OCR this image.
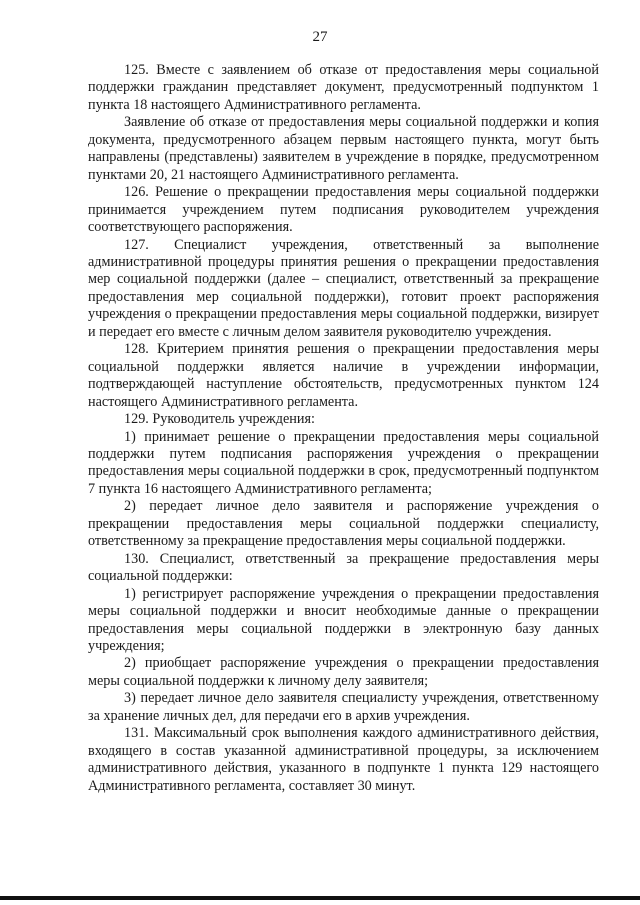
27

125. Вместе с заявлением об отказе от предоставления меры социальной поддержки гражданин представляет документ, предусмотренный подпунктом 1 пункта 18 настоящего Административного регламента.

Заявление об отказе от предоставления меры социальной поддержки и копия документа, предусмотренного абзацем первым настоящего пункта, могут быть направлены (представлены) заявителем в учреждение в порядке, предусмотренном пунктами 20, 21 настоящего Административного регламента.

126. Решение о прекращении предоставления меры социальной поддержки принимается учреждением путем подписания руководителем учреждения соответствующего распоряжения.

127. Специалист учреждения, ответственный за выполнение административной процедуры принятия решения о прекращении предоставления мер социальной поддержки (далее – специалист, ответственный за прекращение предоставления мер социальной поддержки), готовит проект распоряжения учреждения о прекращении предоставления меры социальной поддержки, визирует и передает его вместе с личным делом заявителя руководителю учреждения.

128. Критерием принятия решения о прекращении предоставления меры социальной поддержки является наличие в учреждении информации, подтверждающей наступление обстоятельств, предусмотренных пунктом 124 настоящего Административного регламента.

129. Руководитель учреждения:

1) принимает решение о прекращении предоставления меры социальной поддержки путем подписания распоряжения учреждения о прекращении предоставления меры социальной поддержки в срок, предусмотренный подпунктом 7 пункта 16 настоящего Административного регламента;

2) передает личное дело заявителя и распоряжение учреждения о прекращении предоставления меры социальной поддержки специалисту, ответственному за прекращение предоставления меры социальной поддержки.

130. Специалист, ответственный за прекращение предоставления меры социальной поддержки:

1) регистрирует распоряжение учреждения о прекращении предоставления меры социальной поддержки и вносит необходимые данные о прекращении предоставления меры социальной поддержки в электронную базу данных учреждения;

2) приобщает распоряжение учреждения о прекращении предоставления меры социальной поддержки к личному делу заявителя;

3) передает личное дело заявителя специалисту учреждения, ответственному за хранение личных дел, для передачи его в архив учреждения.

131. Максимальный срок выполнения каждого административного действия, входящего в состав указанной административной процедуры, за исключением административного действия, указанного в подпункте 1 пункта 129 настоящего Административного регламента, составляет 30 минут.
